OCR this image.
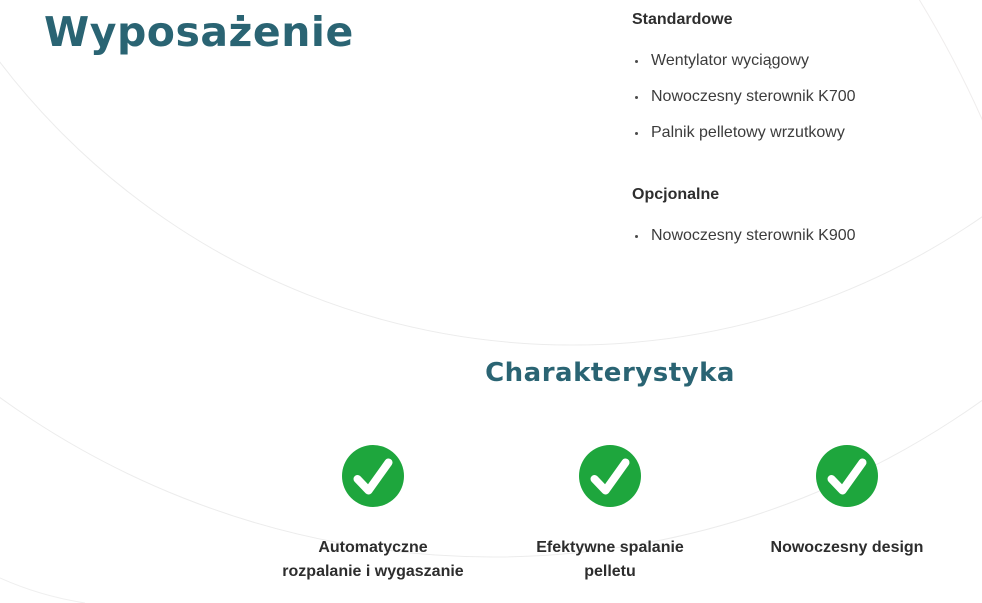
Wyposażenie	Standardowe
Wentylator wyciągowy
Nowoczesny sterownik K700
Palnik pelletowy wrzutkowy
Opcjonalne
Nowoczesny sterownik K900
Charakterystyka
Automatyczne
rozpalanie i wygaszanie
Efektywne spalanie
pelletu
Nowoczesny design
